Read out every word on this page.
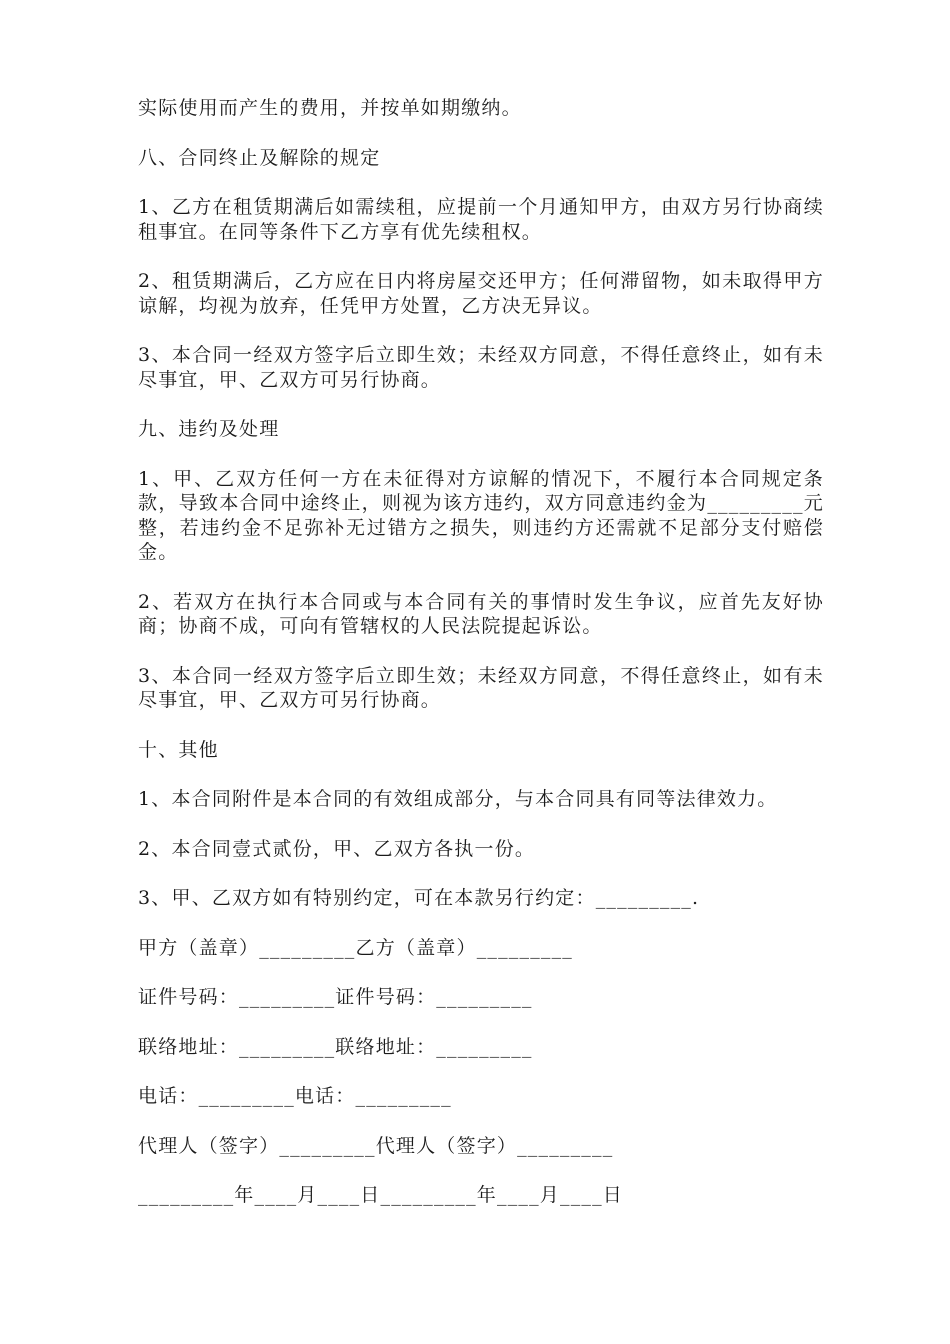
实际使用而产生的费用，并按单如期缴纳。

八、合同终止及解除的规定

1、乙方在租赁期满后如需续租，应提前一个月通知甲方，由双方另行协商续租事宜。在同等条件下乙方享有优先续租权。

2、租赁期满后，乙方应在日内将房屋交还甲方；任何滞留物，如未取得甲方谅解，均视为放弃，任凭甲方处置，乙方决无异议。

3、本合同一经双方签字后立即生效；未经双方同意，不得任意终止，如有未尽事宜，甲、乙双方可另行协商。

九、违约及处理

1、甲、乙双方任何一方在未征得对方谅解的情况下，不履行本合同规定条款，导致本合同中途终止，则视为该方违约，双方同意违约金为_________元整，若违约金不足弥补无过错方之损失，则违约方还需就不足部分支付赔偿金。

2、若双方在执行本合同或与本合同有关的事情时发生争议，应首先友好协商；协商不成，可向有管辖权的人民法院提起诉讼。

3、本合同一经双方签字后立即生效；未经双方同意，不得任意终止，如有未尽事宜，甲、乙双方可另行协商。

十、其他

1、本合同附件是本合同的有效组成部分，与本合同具有同等法律效力。

2、本合同壹式贰份，甲、乙双方各执一份。

3、甲、乙双方如有特别约定，可在本款另行约定：_________.

甲方（盖章）_________乙方（盖章）_________

证件号码：_________证件号码：_________

联络地址：_________联络地址：_________

电话：_________电话：_________

代理人（签字）_________代理人（签字）_________

_________年____月____日_________年____月____日
